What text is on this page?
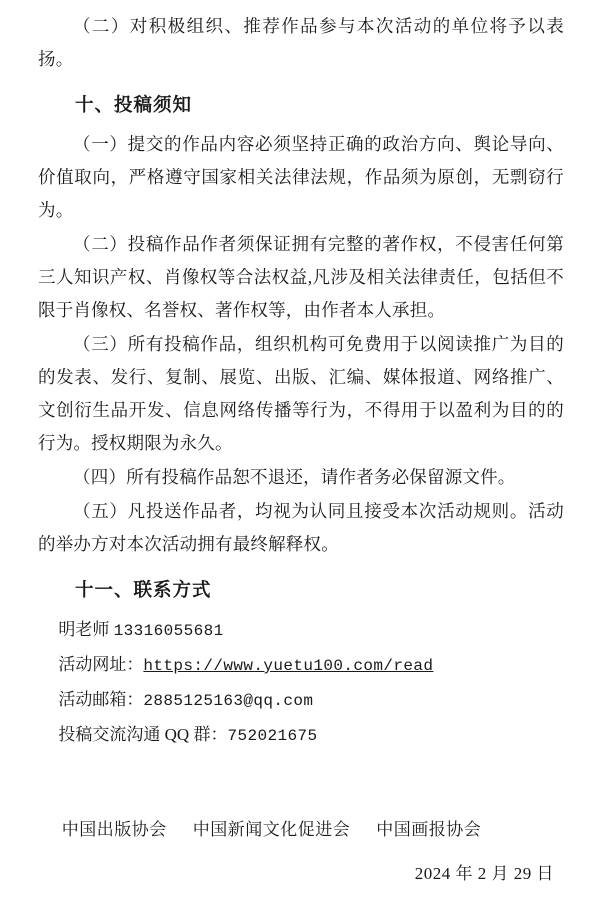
（二）对积极组织、推荐作品参与本次活动的单位将予以表扬。

十、投稿须知

（一）提交的作品内容必须坚持正确的政治方向、舆论导向、价值取向，严格遵守国家相关法律法规，作品须为原创，无剽窃行为。

（二）投稿作品作者须保证拥有完整的著作权，不侵害任何第三人知识产权、肖像权等合法权益,凡涉及相关法律责任，包括但不限于肖像权、名誉权、著作权等，由作者本人承担。

（三）所有投稿作品，组织机构可免费用于以阅读推广为目的的发表、发行、复制、展览、出版、汇编、媒体报道、网络推广、文创衍生品开发、信息网络传播等行为，不得用于以盈利为目的的行为。授权期限为永久。

（四）所有投稿作品恕不退还，请作者务必保留源文件。

（五）凡投送作品者，均视为认同且接受本次活动规则。活动的举办方对本次活动拥有最终解释权。

十一、联系方式

明老师 13316055681

活动网址：https://www.yuetu100.com/read

活动邮箱：2885125163@qq.com

投稿交流沟通 QQ 群：752021675

中国出版协会 中国新闻文化促进会 中国画报协会

2024 年 2 月 29 日
